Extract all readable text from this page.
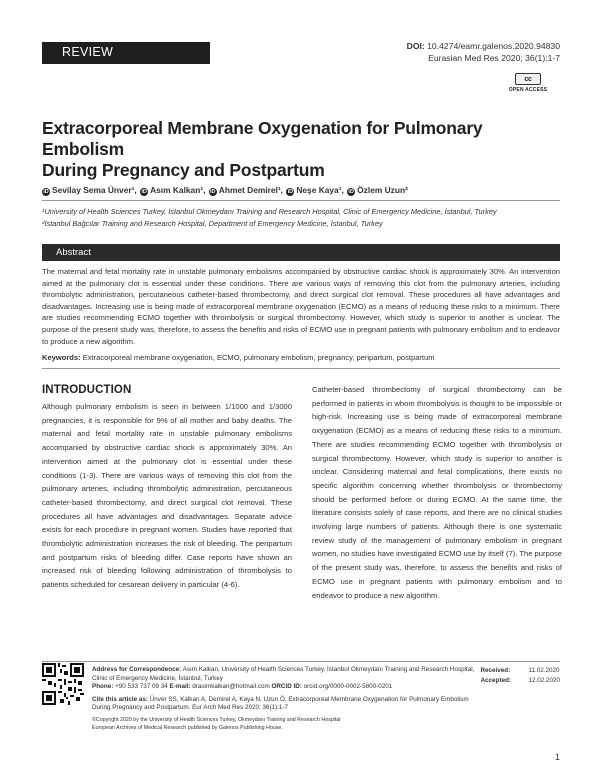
REVIEW	DOI: 10.4274/eamr.galenos.2020.94830
Eurasian Med Res 2020; 36(1):1-7
cc
OPEN ACCESS
Extracorporeal Membrane Oxygenation for Pulmonary Embolism
During Pregnancy and Postpartum
iD Sevilay Sema Ünver¹, iD Asım Kalkan¹, iD Ahmet Demirel¹, iD Neşe Kaya¹, iD Özlem Uzun²
¹University of Health Sciences Turkey, İstanbul Okmeydanı Training and Research Hospital, Clinic of Emergency Medicine, İstanbul, Turkey
²İstanbul Bağcılar Training and Research Hospital, Department of Emergency Medicine, İstanbul, Turkey
Abstract
The maternal and fetal mortality rate in unstable pulmonary embolisms accompanied by obstructive cardiac shock is approximately 30%. An intervention aimed at the pulmonary clot is essential under these conditions. There are various ways of removing this clot from the pulmonary arteries, including thrombolytic administration, percutaneous catheter-based thrombectomy, and direct surgical clot removal. These procedures all have advantages and disadvantages. Increasing use is being made of extracorporeal membrane oxygenation (ECMO) as a means of reducing these risks to a minimum. There are studies recommending ECMO together with thrombolysis or surgical thrombectomy. However, which study is superior to another is unclear. The purpose of the present study was, therefore, to assess the benefits and risks of ECMO use in pregnant patients with pulmonary embolism and to endeavor to produce a new algorithm.
Keywords: Extracorporeal membrane oxygenation, ECMO, pulmonary embolism, pregnancy, peripartum, postpartum
INTRODUCTION

Although pulmonary embolism is seen in between 1/1000 and 1/3000 pregnancies, it is responsible for 9% of all mother and baby deaths. The maternal and fetal mortality rate in unstable pulmonary embolisms accompanied by obstructive cardiac shock is approximately 30%. An intervention aimed at the pulmonary clot is essential under these conditions (1-3). There are various ways of removing this clot from the pulmonary arteries, including thrombolytic administration, percutaneous catheter-based thrombectomy, and direct surgical clot removal. These procedures all have advantages and disadvantages. Separate advice exists for each procedure in pregnant women. Studies have reported that thrombolytic administration increases the risk of bleeding. The peripartum and postpartum risks of bleeding differ. Case reports have shown an increased risk of bleeding following administration of thrombolysis to patients scheduled for cesarean delivery in particular (4-6).

Catheter-based thrombectomy of surgical thrombectomy can be performed in patients in whom thrombolysis is thought to be impossible or high-risk. Increasing use is being made of extracorporeal membrane oxygenation (ECMO) as a means of reducing these risks to a minimum. There are studies recommending ECMO together with thrombolysis or surgical thrombectomy. However, which study is superior to another is unclear. Considering maternal and fetal complications, there exists no specific algorithm concerning whether thrombolysis or thrombectomy should be performed before or during ECMO. At the same time, the literature consists solely of case reports, and there are no clinical studies involving large numbers of patients. Although there is one systematic review study of the management of pulmonary embolism in pregnant women, no studies have investigated ECMO use by itself (7). The purpose of the present study was, therefore, to assess the benefits and risks of ECMO use in pregnant patients with pulmonary embolism and to endeavor to produce a new algorithm.

Address for Correspondence: Asım Kalkan, University of Health Sciences Turkey, İstanbul Okmeydanı Training and Research Hospital, Clinic of Emergency Medicine, İstanbul, Turkey
Phone: +90 533 737 09 34 E-mail: drasimkalkan@hotmail.com ORCID ID: orcid.org/0000-0002-5800-0201
Cite this article as: Ünver SS, Kalkan A, Demirel A, Kaya N, Uzun Ö. Extracorporeal Membrane Oxygenation for Pulmonary Embolism During Pregnancy and Postpartum. Eur Arch Med Res 2020; 36(1):1-7
©Copyright 2020 by the University of Health Sciences Turkey, Okmeydanı Training and Research Hospital
European Archives of Medical Research published by Galenos Publishing House.
Received:	11.02.2020
Accepted:	12.02.2020
1
